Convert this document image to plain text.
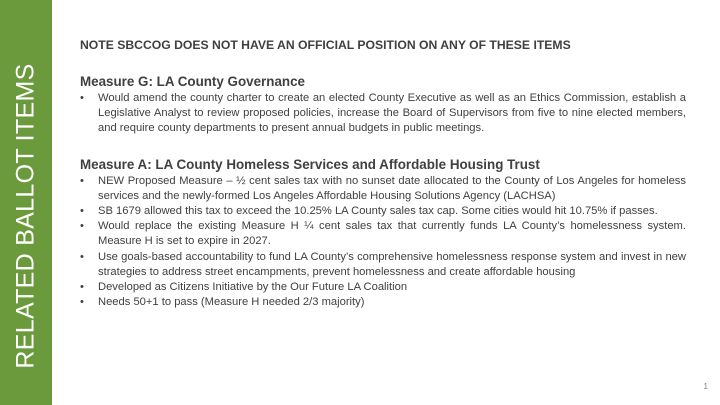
RELATED BALLOT ITEMS
NOTE SBCCOG DOES NOT HAVE AN OFFICIAL POSITION ON ANY OF THESE ITEMS
Measure G: LA County Governance
• Would amend the county charter to create an elected County Executive as well as an Ethics Commission, establish a Legislative Analyst to review proposed policies, increase the Board of Supervisors from five to nine elected members, and require county departments to present annual budgets in public meetings.
Measure A: LA County Homeless Services and Affordable Housing Trust
• NEW Proposed Measure – ½ cent sales tax with no sunset date allocated to the County of Los Angeles for homeless services and the newly-formed Los Angeles Affordable Housing Solutions Agency (LACHSA)
• SB 1679 allowed this tax to exceed the 10.25% LA County sales tax cap. Some cities would hit 10.75% if passes.
• Would replace the existing Measure H ¼ cent sales tax that currently funds LA County’s homelessness system. Measure H is set to expire in 2027.
• Use goals-based accountability to fund LA County’s comprehensive homelessness response system and invest in new strategies to address street encampments, prevent homelessness and create affordable housing
• Developed as Citizens Initiative by the Our Future LA Coalition
• Needs 50+1 to pass (Measure H needed 2/3 majority)
1
